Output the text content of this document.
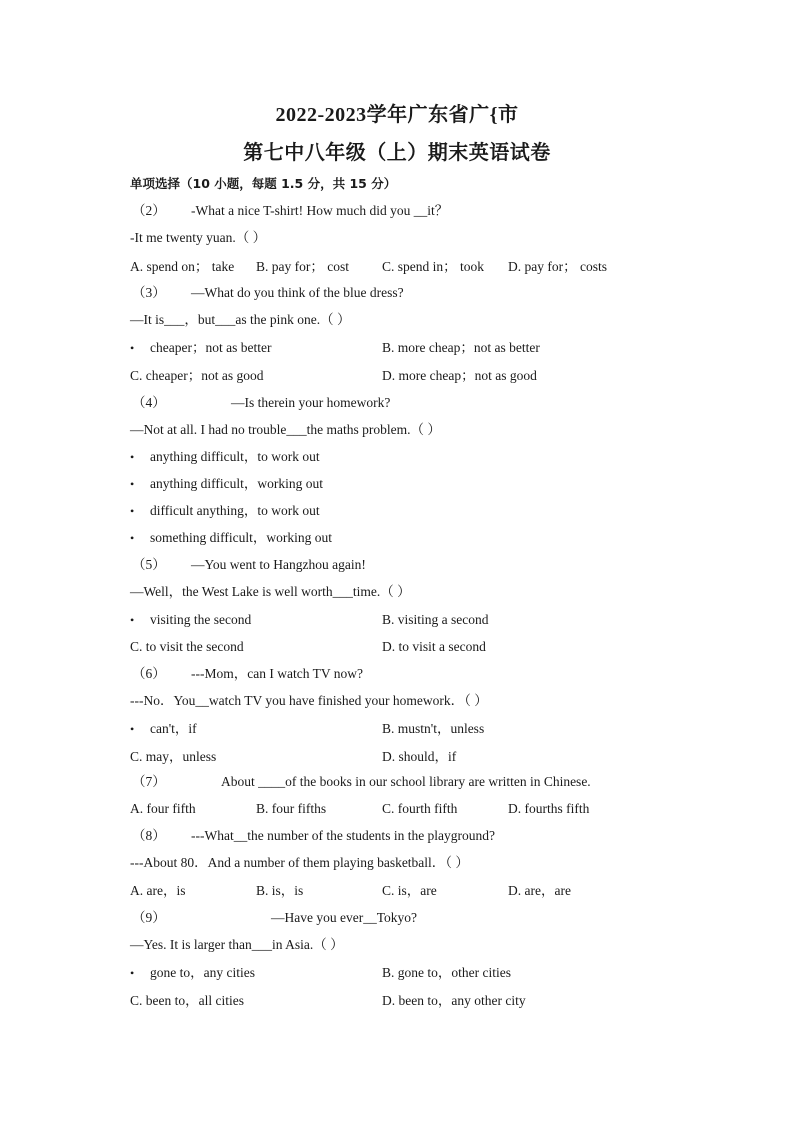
2022-2023学年广东省广{市
第七中八年级（上）期末英语试卷
单项选择（10 小题，每题 1.5 分，共 15 分）
（2） -What a nice T-shirt! How much did you __it？
-It me twenty yuan.（ ）
A. spend on； take B. pay for； cost C. spend in； took D. pay for； costs
（3） —What do you think of the blue dress?
—It is___，but___as the pink one.（ ）
• cheaper；not as better	B. more cheap；not as better
C. cheaper；not as good	D. more cheap；not as good
（4）	—Is therein your homework?
—Not at all. I had no trouble___the maths problem.（ ）
• anything difficult，to work out
• anything difficult，working out
• difficult anything，to work out
• something difficult，working out
（5） —You went to Hangzhou again!
—Well，the West Lake is well worth___time.（ ）
• visiting the second	B. visiting a second
C. to visit the second	D. to visit a second
（6） ---Mom，can I watch TV now?
---No．You__watch TV you have finished your homework．（ ）
• can't，if	B. mustn't，unless
C. may，unless	D. should，if
（7）	About ____of the books in our school library are written in Chinese.
A. four fifth	B. four fifths	C. fourth fifth	D. fourths fifth
（8） ---What__the number of the students in the playground?
---About 80．And a number of them playing basketball．（ ）
A. are，is	B. is，is	C. is，are	D. are，are
（9）	—Have you ever__Tokyo?
—Yes. It is larger than___in Asia.（ ）
• gone to，any cities	B. gone to，other cities
C. been to，all cities	D. been to，any other city
